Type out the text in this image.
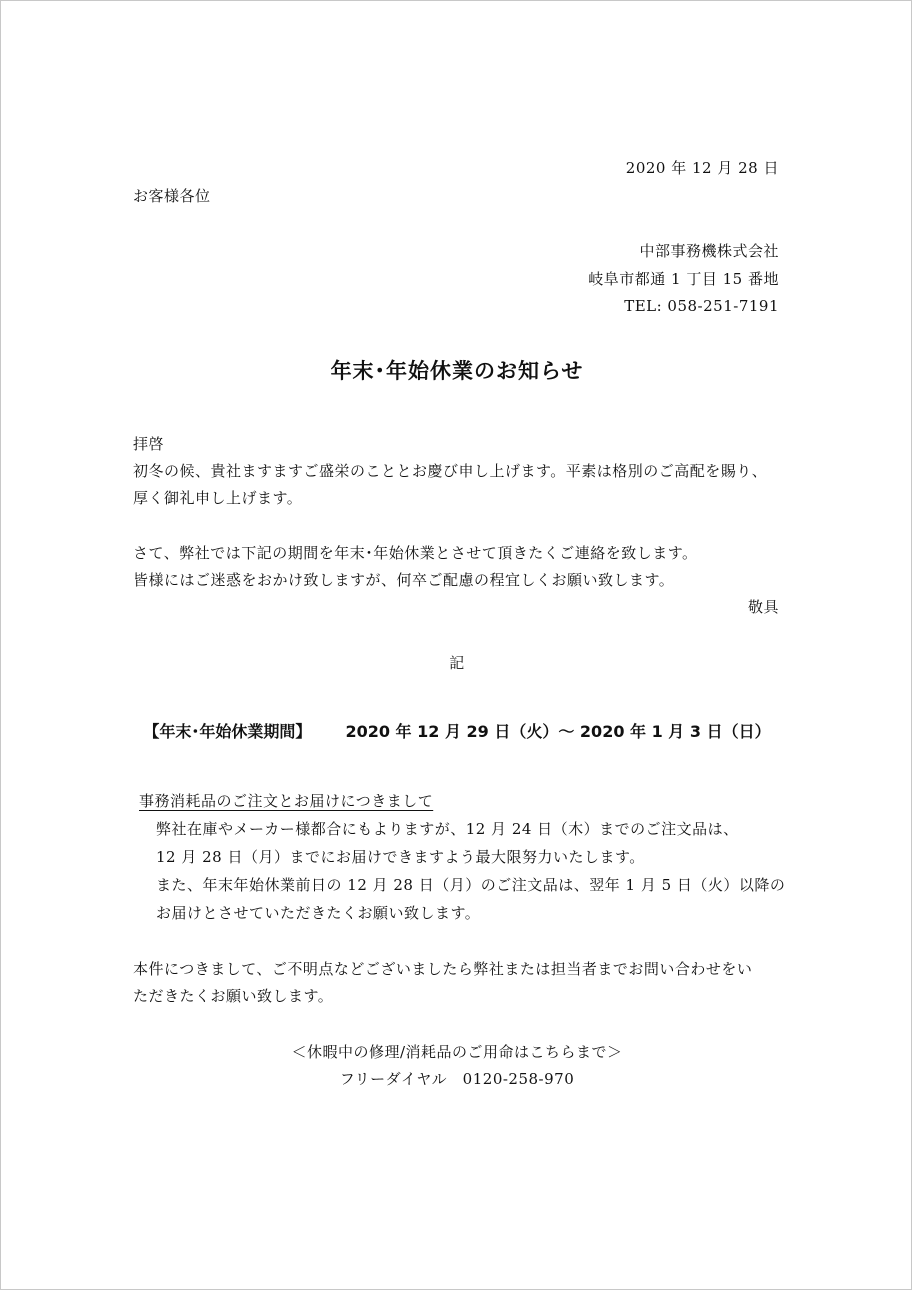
2020 年 12 月 28 日
お客様各位
中部事務機株式会社
岐阜市都通 1 丁目 15 番地
TEL: 058-251-7191
年末･年始休業のお知らせ
拝啓
初冬の候、貴社ますますご盛栄のこととお慶び申し上げます。平素は格別のご高配を賜り、
厚く御礼申し上げます。
さて、弊社では下記の期間を年末･年始休業とさせて頂きたくご連絡を致します。
皆様にはご迷惑をおかけ致しますが、何卒ご配慮の程宜しくお願い致します。
敬具
記
【年末･年始休業期間】 2020 年 12 月 29 日（火）～ 2020 年 1 月 3 日（日）
事務消耗品のご注文とお届けにつきまして
弊社在庫やメーカー様都合にもよりますが、12 月 24 日（木）までのご注文品は、
12 月 28 日（月）までにお届けできますよう最大限努力いたします。
また、年末年始休業前日の 12 月 28 日（月）のご注文品は、翌年 1 月 5 日（火）以降の
お届けとさせていただきたくお願い致します。
本件につきまして、ご不明点などございましたら弊社または担当者までお問い合わせをい
ただきたくお願い致します。
＜休暇中の修理/消耗品のご用命はこちらまで＞
フリーダイヤル　0120-258-970
